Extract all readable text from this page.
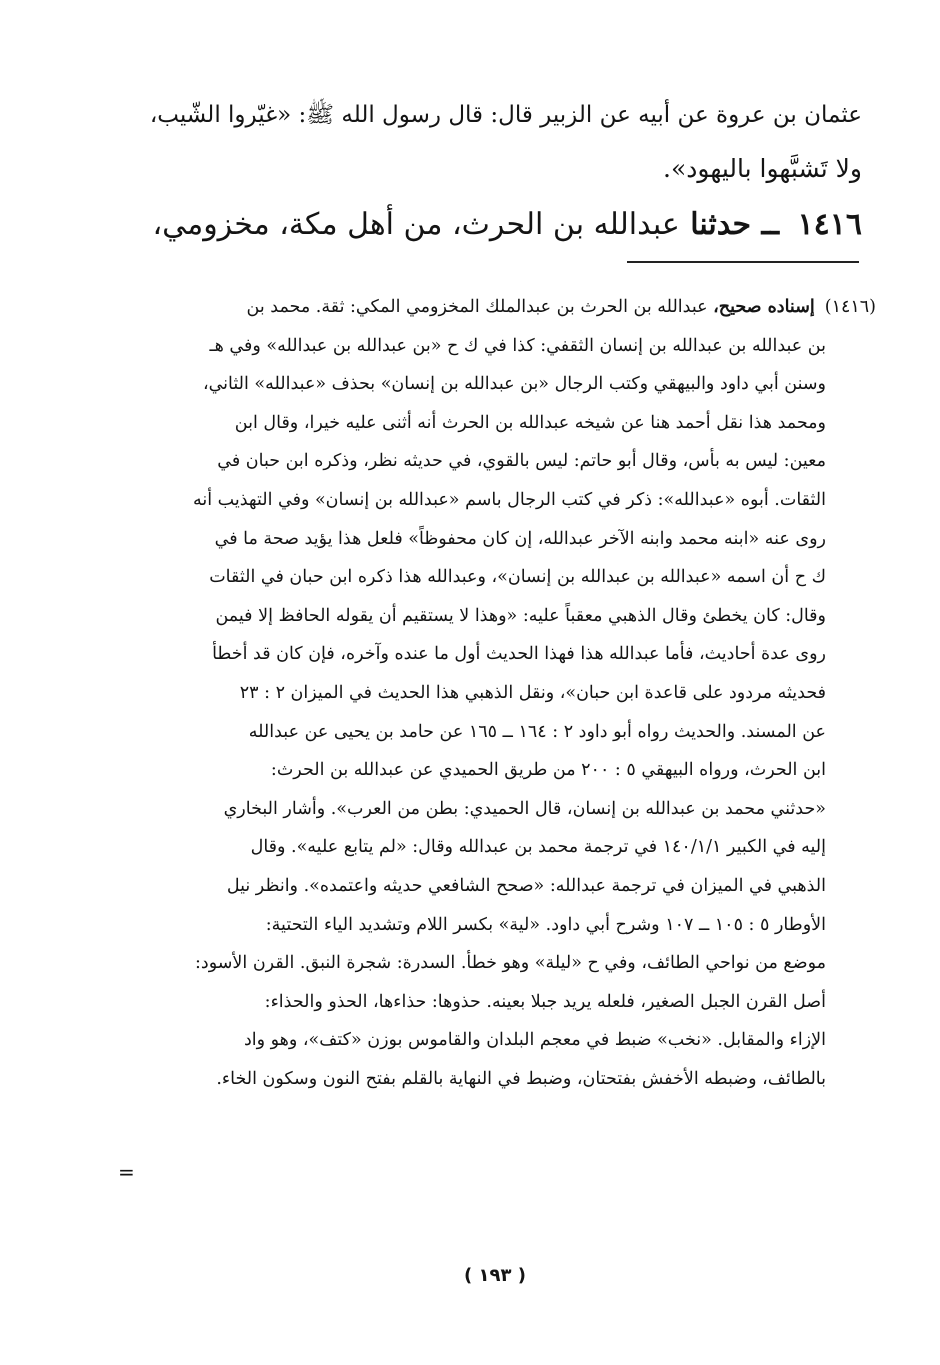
عثمان بن عروة عن أبيه عن الزبير قال: قال رسول الله ﷺ: «غيّروا الشّيب،
ولا تَشبَّهوا باليهود».
١٤١٦ ــ حدثنا عبدالله بن الحرث، من أهل مكة، مخزومي،
(١٤١٦)إسناده صحيح، عبدالله بن الحرث بن عبدالملك المخزومي المكي: ثقة. محمد بن
بن عبدالله بن عبدالله بن إنسان الثقفي: كذا في ك ح «بن عبدالله بن عبدالله» وفي هـ
وسنن أبي داود والبيهقي وكتب الرجال «بن عبدالله بن إنسان» بحذف «عبدالله» الثاني،
ومحمد هذا نقل أحمد هنا عن شيخه عبدالله بن الحرث أنه أثنى عليه خيرا، وقال ابن
معين: ليس به بأس، وقال أبو حاتم: ليس بالقوي، في حديثه نظر، وذكره ابن حبان في
الثقات. أبوه «عبدالله»: ذكر في كتب الرجال باسم «عبدالله بن إنسان» وفي التهذيب أنه
روى عنه «ابنه محمد وابنه الآخر عبدالله، إن كان محفوظاً» فلعل هذا يؤيد صحة ما في
ك ح أن اسمه «عبدالله بن عبدالله بن إنسان»، وعبدالله هذا ذكره ابن حبان في الثقات
وقال: كان يخطئ وقال الذهبي معقباً عليه: «وهذا لا يستقيم أن يقوله الحافظ إلا فيمن
روى عدة أحاديث، فأما عبدالله هذا فهذا الحديث أول ما عنده وآخره، فإن كان قد أخطأ
فحديثه مردود على قاعدة ابن حبان»، ونقل الذهبي هذا الحديث في الميزان ٢ : ٢٣
عن المسند. والحديث رواه أبو داود ٢ : ١٦٤ ــ ١٦٥ عن حامد بن يحيى عن عبدالله
ابن الحرث، ورواه البيهقي ٥ : ٢٠٠ من طريق الحميدي عن عبدالله بن الحرث:
«حدثني محمد بن عبدالله بن إنسان، قال الحميدي: بطن من العرب». وأشار البخاري
إليه في الكبير ١٤٠/١/١ في ترجمة محمد بن عبدالله وقال: «لم يتابع عليه». وقال
الذهبي في الميزان في ترجمة عبدالله: «صحح الشافعي حديثه واعتمده». وانظر نيل
الأوطار ٥ : ١٠٥ ــ ١٠٧ وشرح أبي داود. «لية» بكسر اللام وتشديد الياء التحتية:
موضع من نواحي الطائف، وفي ح «ليلة» وهو خطأ. السدرة: شجرة النبق. القرن الأسود:
أصل القرن الجبل الصغير، فلعله يريد جبلا بعينه. حذوها: حذاءها، الحذو والحذاء:
الإزاء والمقابل. «نخب» ضبط في معجم البلدان والقاموس بوزن «كتف»، وهو واد
بالطائف، وضبطه الأخفش بفتحتان، وضبط في النهاية بالقلم بفتح النون وسكون الخاء.
=
( ١٩٣ )
